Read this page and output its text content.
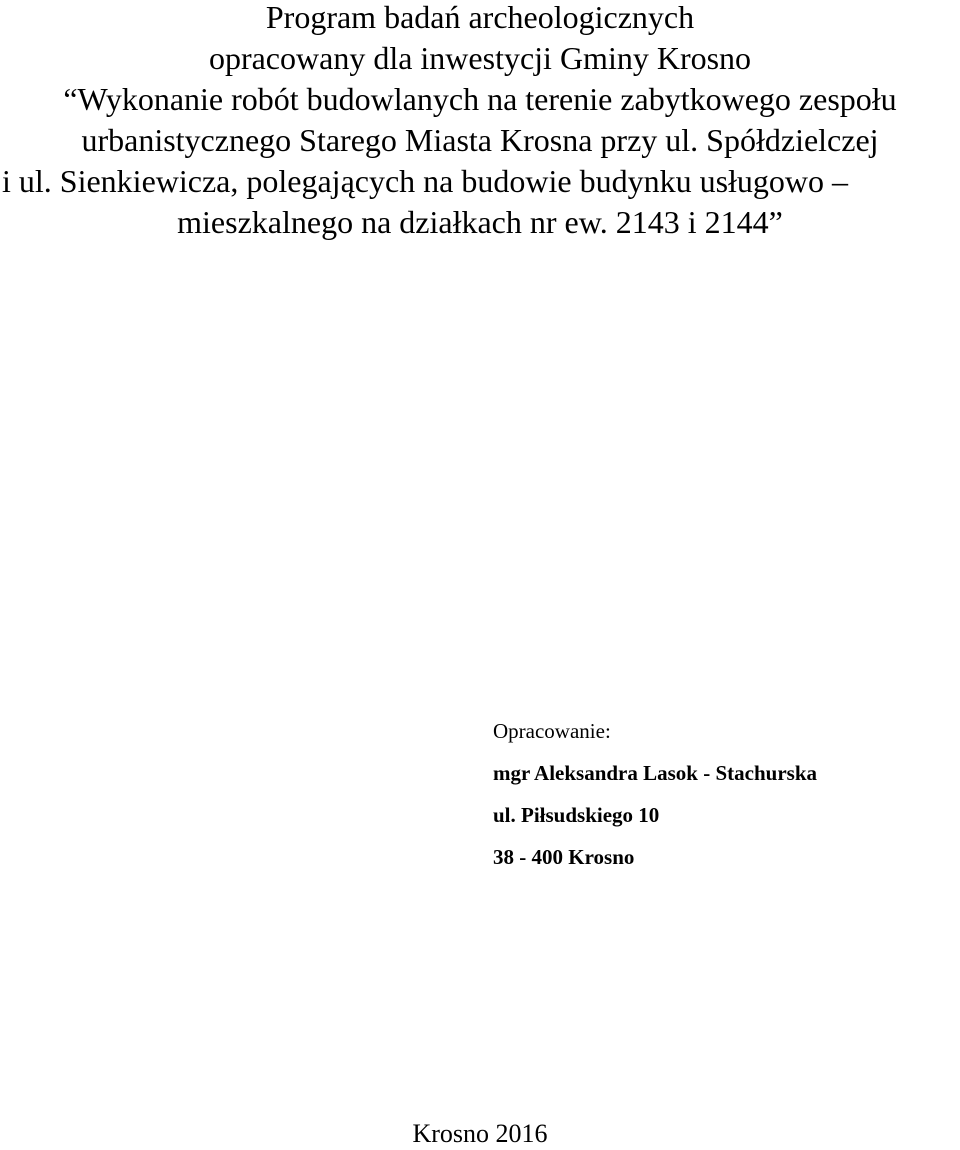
Program badań archeologicznych
opracowany dla inwestycji Gminy Krosno
“Wykonanie robót budowlanych na terenie zabytkowego zespołu
urbanistycznego Starego Miasta Krosna przy ul. Spółdzielczej
i ul. Sienkiewicza, polegających na budowie budynku usługowo –
mieszkalnego na działkach nr ew. 2143 i 2144”
Opracowanie:
mgr Aleksandra Lasok - Stachurska
ul. Piłsudskiego 10
38 - 400 Krosno
Krosno 2016
